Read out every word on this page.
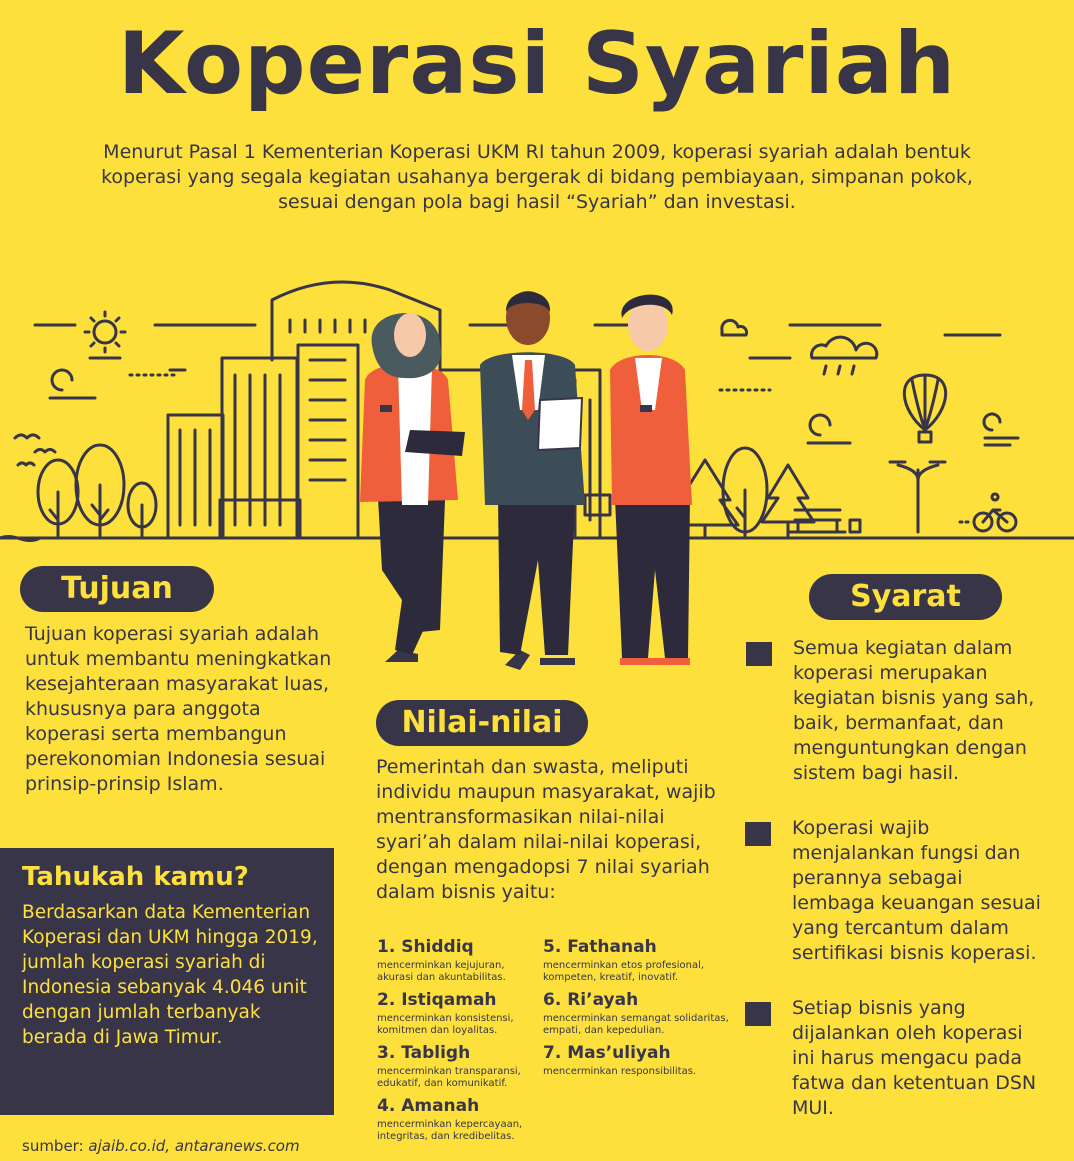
Koperasi Syariah
Menurut Pasal 1 Kementerian Koperasi UKM RI tahun 2009, koperasi syariah adalah bentuk koperasi yang segala kegiatan usahanya bergerak di bidang pembiayaan, simpanan pokok, sesuai dengan pola bagi hasil “Syariah” dan investasi.
Tujuan
Tujuan koperasi syariah adalah untuk membantu meningkatkan kesejahteraan masyarakat luas, khususnya para anggota koperasi serta membangun perekonomian Indonesia sesuai prinsip-prinsip Islam.
Tahukah kamu?
Berdasarkan data Kementerian Koperasi dan UKM hingga 2019, jumlah koperasi syariah di Indonesia sebanyak 4.046 unit dengan jumlah terbanyak berada di Jawa Timur.
Nilai-nilai
Pemerintah dan swasta, meliputi individu maupun masyarakat, wajib mentransformasikan nilai-nilai syari’ah dalam nilai-nilai koperasi, dengan mengadopsi 7 nilai syariah dalam bisnis yaitu:
1. Shiddiq
mencerminkan kejujuran, akurasi dan akuntabilitas.
2. Istiqamah
mencerminkan konsistensi, komitmen dan loyalitas.
3. Tabligh
mencerminkan transparansi, edukatif, dan komunikatif.
4. Amanah
mencerminkan kepercayaan, integritas, dan kredibelitas.
5. Fathanah
mencerminkan etos profesional, kompeten, kreatif, inovatif.
6. Ri’ayah
mencerminkan semangat solidaritas, empati, dan kepedulian.
7. Mas’uliyah
mencerminkan responsibilitas.
Syarat
Semua kegiatan dalam koperasi merupakan kegiatan bisnis yang sah, baik, bermanfaat, dan menguntungkan dengan sistem bagi hasil.
Koperasi wajib menjalankan fungsi dan perannya sebagai lembaga keuangan sesuai yang tercantum dalam sertifikasi bisnis koperasi.
Setiap bisnis yang dijalankan oleh koperasi ini harus mengacu pada fatwa dan ketentuan DSN MUI.
sumber: ajaib.co.id, antaranews.com
